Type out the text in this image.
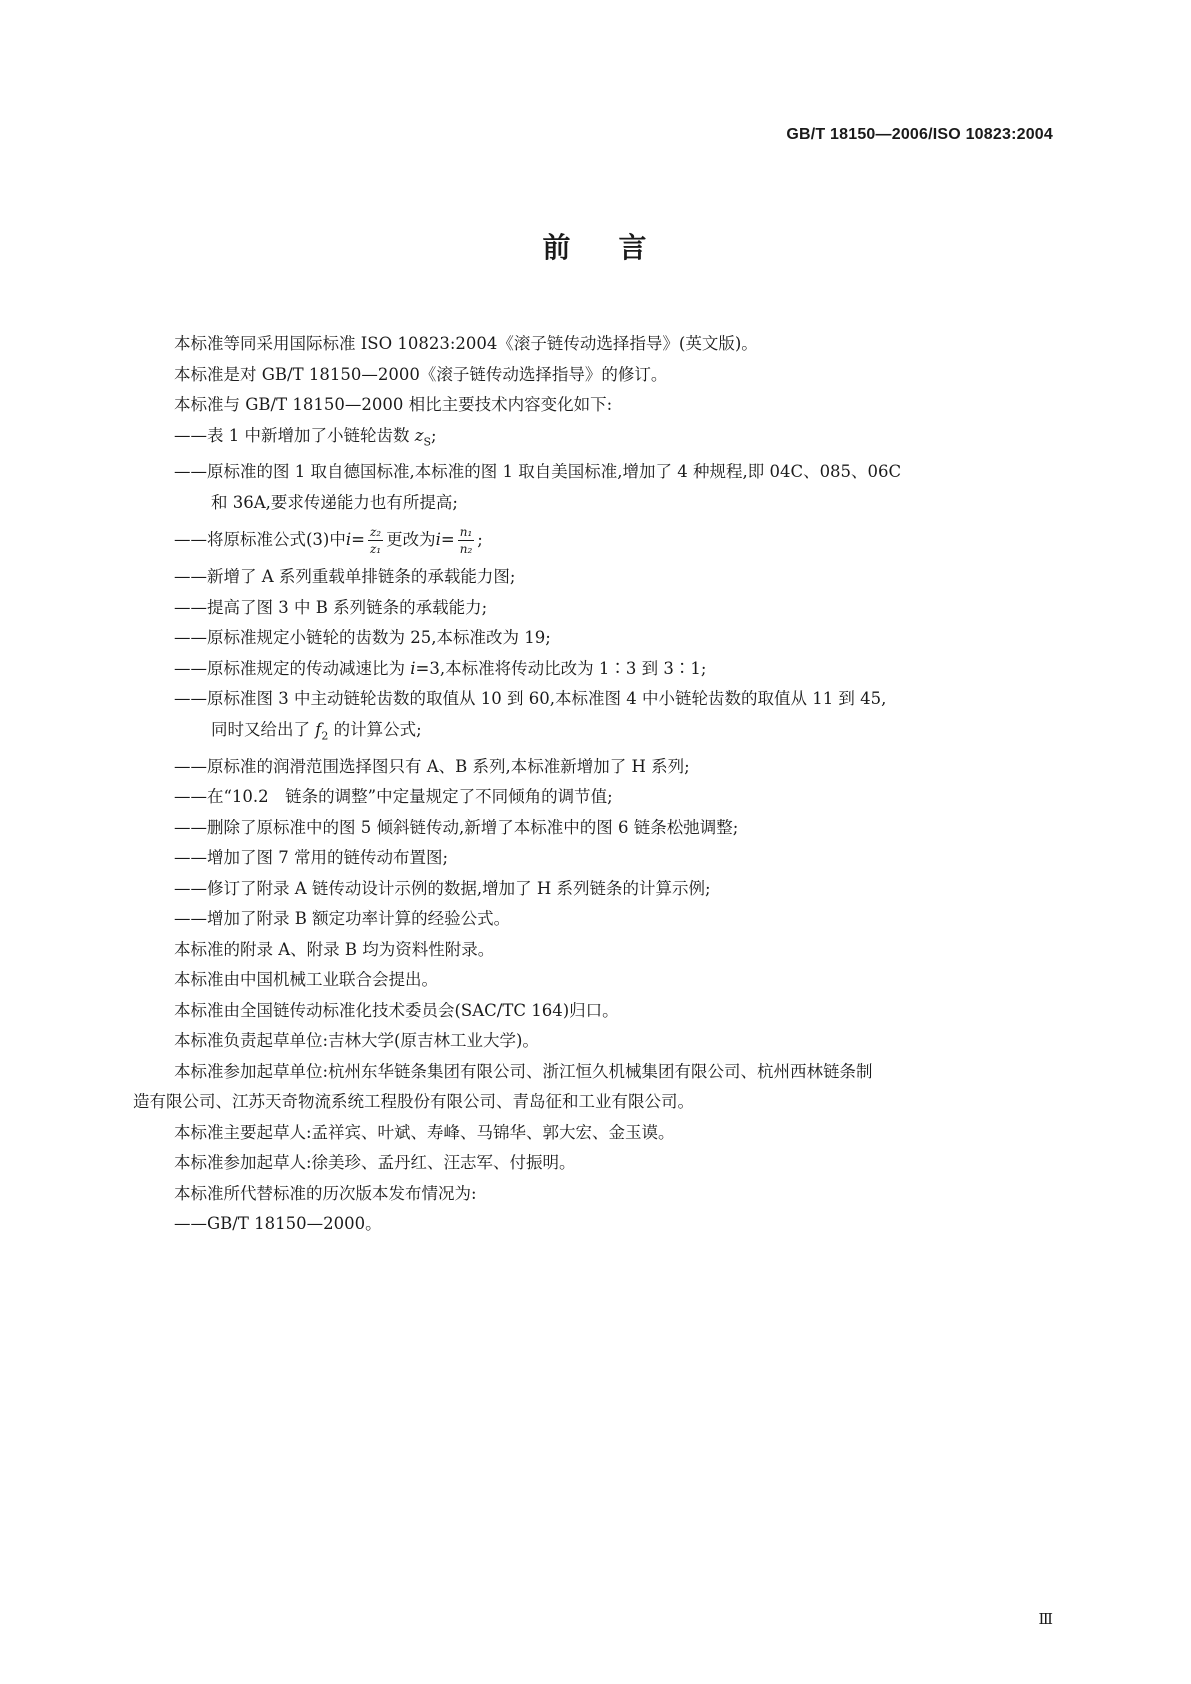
GB/T 18150—2006/ISO 10823:2004
前 言

本标准等同采用国际标准 ISO 10823:2004《滚子链传动选择指导》(英文版)。

本标准是对 GB/T 18150—2000《滚子链传动选择指导》的修订。

本标准与 GB/T 18150—2000 相比主要技术内容变化如下:

——表 1 中新增加了小链轮齿数 $z_S$;

——原标准的图 1 取自德国标准,本标准的图 1 取自美国标准,增加了 4 种规程,即 04C、085、06C

和 36A,要求传递能力也有所提高;

——将原标准公式(3)中 $i = \frac{\text{z₂}}{\text{z₁}}$ 更改为 $i = \frac{\text{n₁}}{\text{n₂}}$ ;

——新增了 A 系列重载单排链条的承载能力图;

——提高了图 3 中 B 系列链条的承载能力;

——原标准规定小链轮的齿数为 25,本标准改为 19;

——原标准规定的传动减速比为 i=3,本标准将传动比改为 1∶3 到 3∶1;

——原标准图 3 中主动链轮齿数的取值从 10 到 60,本标准图 4 中小链轮齿数的取值从 11 到 45,

同时又给出了 $f_2$ 的计算公式;

——原标准的润滑范围选择图只有 A、B 系列,本标准新增加了 H 系列;

——在“10.2　链条的调整”中定量规定了不同倾角的调节值;

——删除了原标准中的图 5 倾斜链传动,新增了本标准中的图 6 链条松弛调整;

——增加了图 7 常用的链传动布置图;

——修订了附录 A 链传动设计示例的数据,增加了 H 系列链条的计算示例;

——增加了附录 B 额定功率计算的经验公式。

本标准的附录 A、附录 B 均为资料性附录。

本标准由中国机械工业联合会提出。

本标准由全国链传动标准化技术委员会(SAC/TC 164)归口。

本标准负责起草单位:吉林大学(原吉林工业大学)。

本标准参加起草单位:杭州东华链条集团有限公司、浙江恒久机械集团有限公司、杭州西林链条制

造有限公司、江苏天奇物流系统工程股份有限公司、青岛征和工业有限公司。

本标准主要起草人:孟祥宾、叶斌、寿峰、马锦华、郭大宏、金玉谟。

本标准参加起草人:徐美珍、孟丹红、汪志军、付振明。

本标准所代替标准的历次版本发布情况为:

——GB/T 18150—2000。

Ⅲ
